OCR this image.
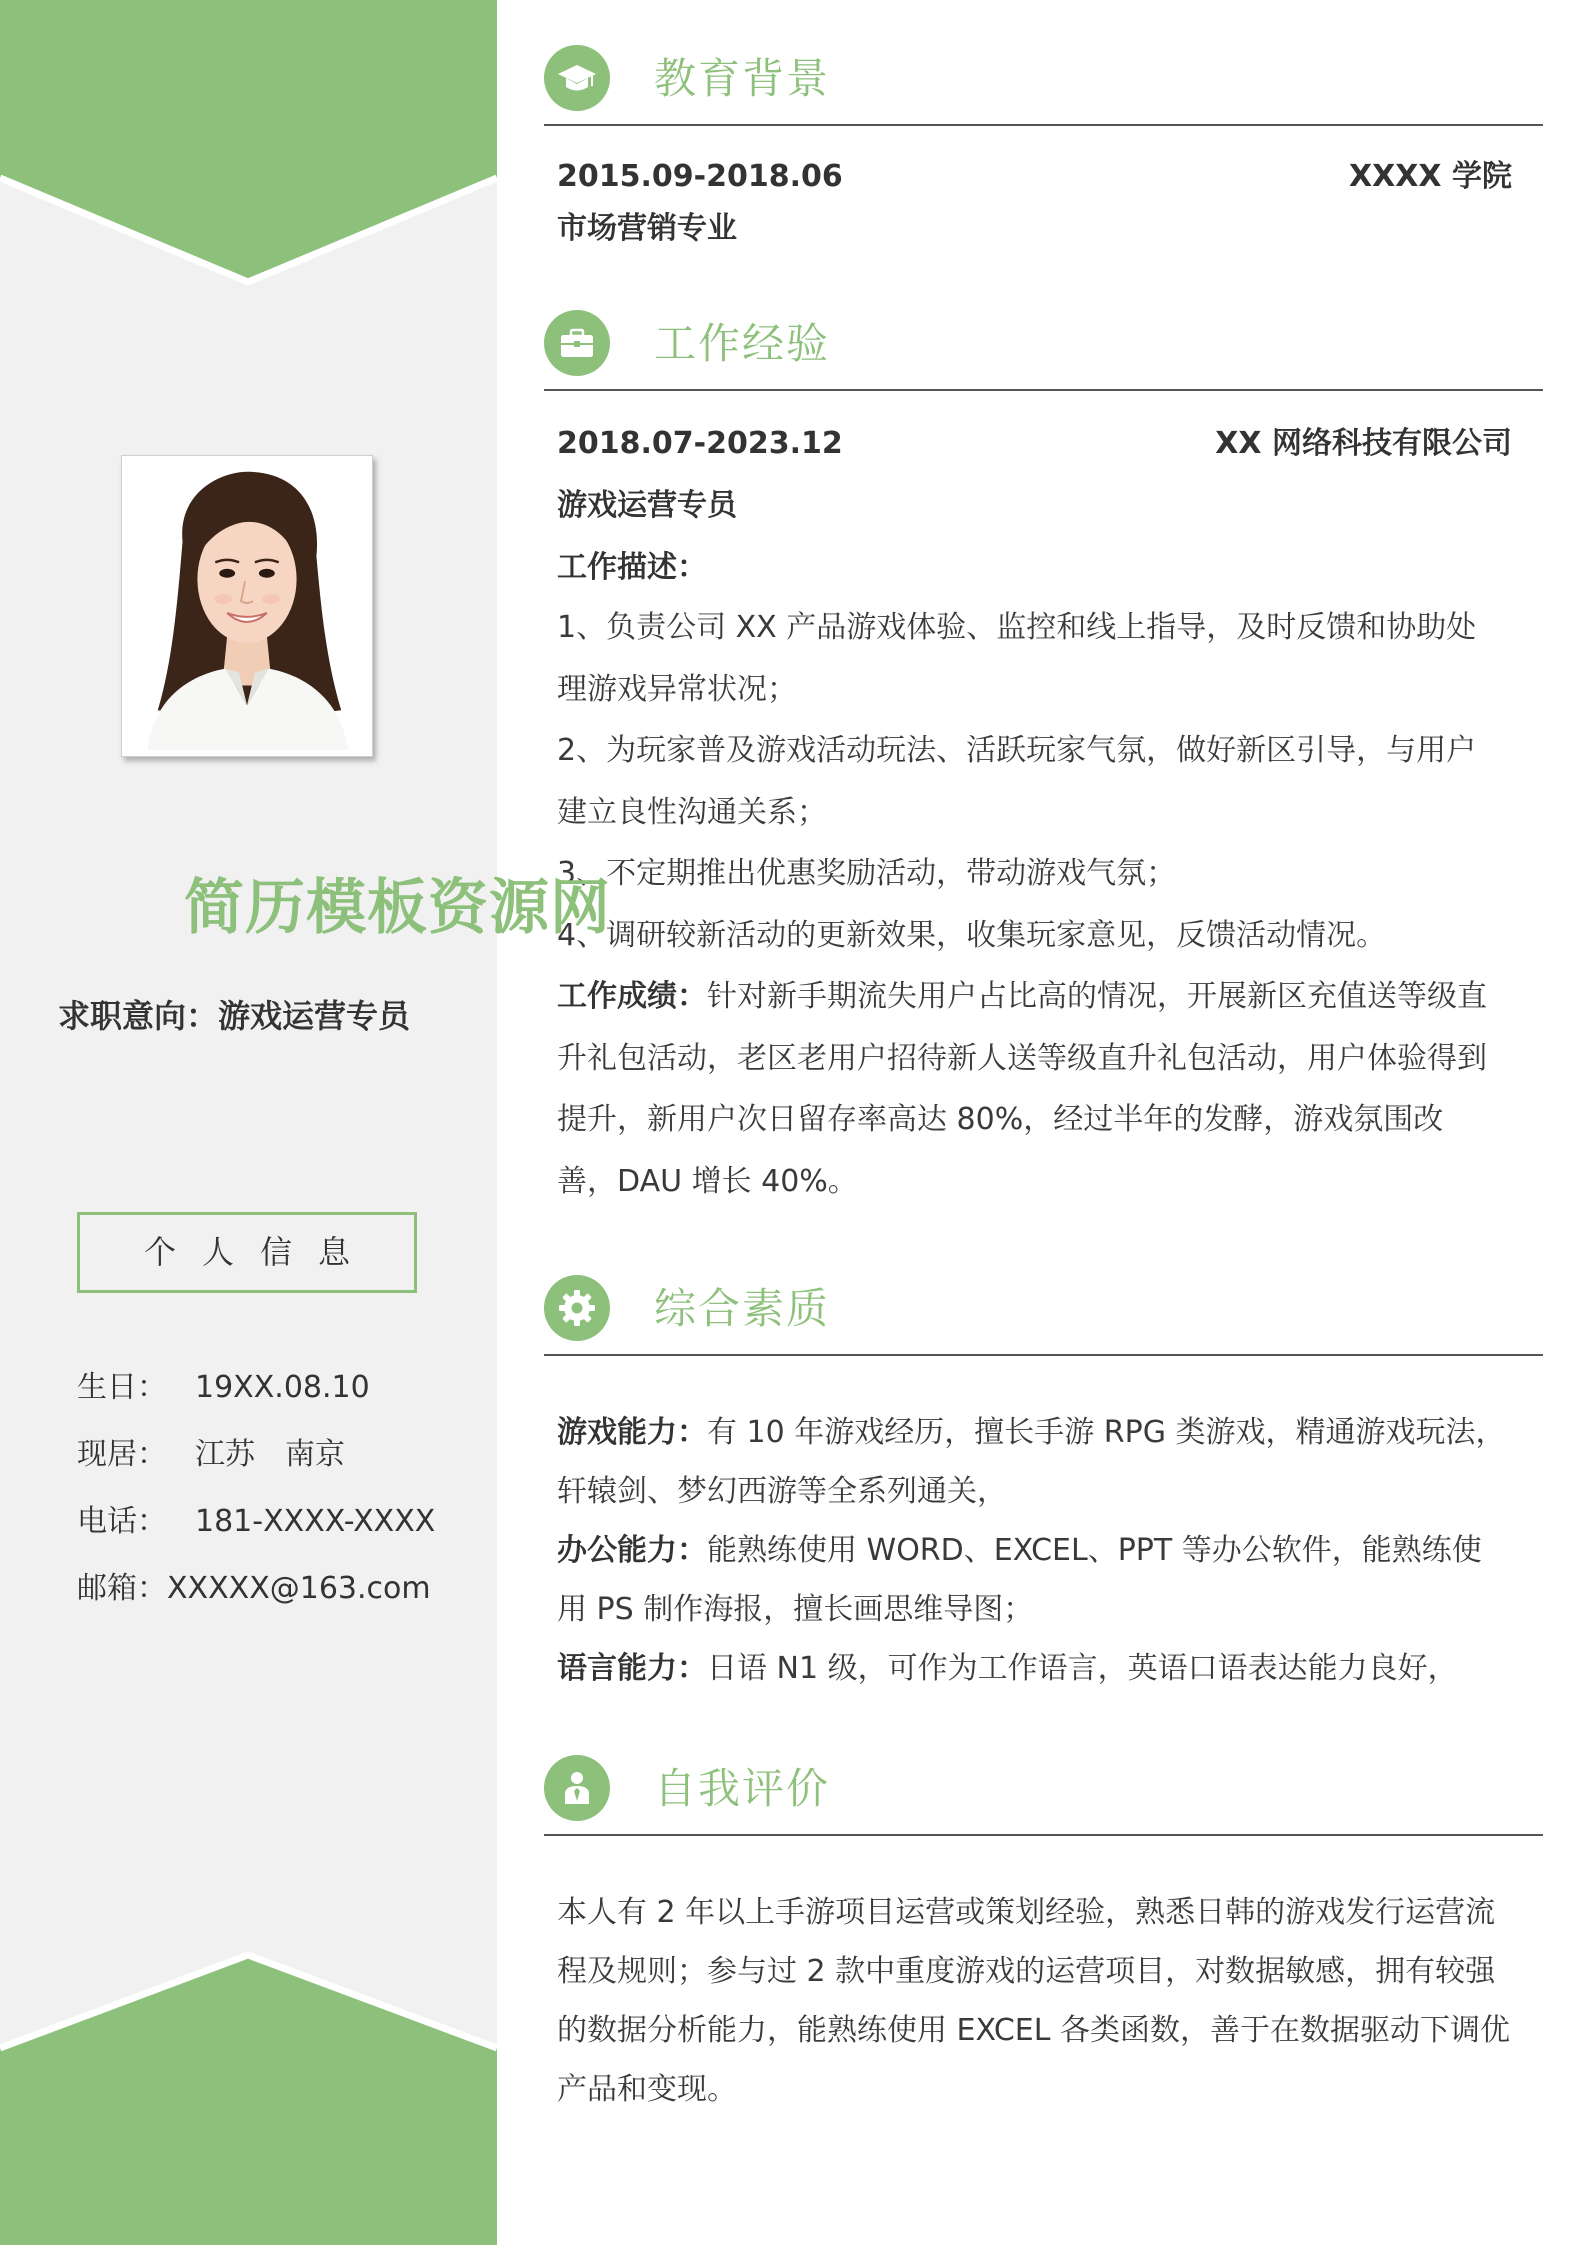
求职意向：游戏运营专员
个人信息
生日： 19XX.08.10
现居： 江苏　南京
电话： 181-XXXX-XXXX
邮箱：XXXXX@163.com
简历模板资源网
教育背景
2015.09-2018.06	XXXX 学院
市场营销专业
工作经验
2018.07-2023.12	XX 网络科技有限公司
游戏运营专员
工作描述：
1、负责公司 XX 产品游戏体验、监控和线上指导，及时反馈和协助处理游戏异常状况；
2、为玩家普及游戏活动玩法、活跃玩家气氛，做好新区引导，与用户建立良性沟通关系；
3、不定期推出优惠奖励活动，带动游戏气氛；
4、调研较新活动的更新效果，收集玩家意见，反馈活动情况。
工作成绩：针对新手期流失用户占比高的情况，开展新区充值送等级直升礼包活动，老区老用户招待新人送等级直升礼包活动，用户体验得到提升，新用户次日留存率高达 80%，经过半年的发酵，游戏氛围改善，DAU 增长 40%。
综合素质
游戏能力：有 10 年游戏经历，擅长手游 RPG 类游戏，精通游戏玩法，轩辕剑、梦幻西游等全系列通关，
办公能力：能熟练使用 WORD、EXCEL、PPT 等办公软件，能熟练使用 PS 制作海报，擅长画思维导图；
语言能力：日语 N1 级，可作为工作语言，英语口语表达能力良好，
自我评价
本人有 2 年以上手游项目运营或策划经验，熟悉日韩的游戏发行运营流程及规则；参与过 2 款中重度游戏的运营项目，对数据敏感，拥有较强的数据分析能力，能熟练使用 EXCEL 各类函数，善于在数据驱动下调优产品和变现。
